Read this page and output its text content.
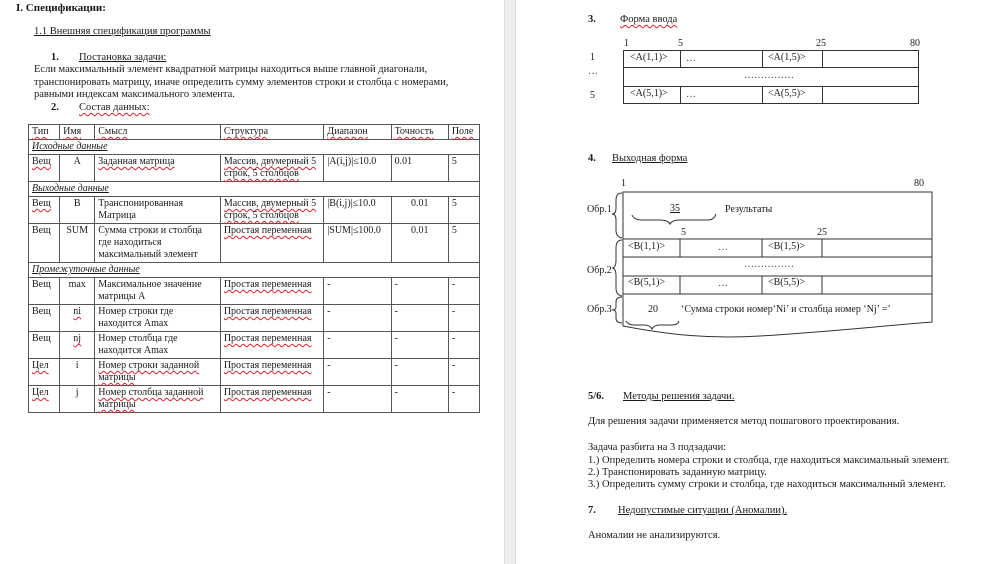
I. Спецификации:
1.1 Внешняя спецификация программы
1. Постановка задачи:
Если максимальный элемент квадратной матрицы находиться выше главной диагонали,
транспонировать матрицу, иначе определить сумму элементов строки и столбца с номерами,
равными индексам максимального элемента.
2. Состав данных:
Тип	Имя	Смысл	Структура	Диапазон	Точность	Поле
Исходные данные						
Вещ	A	Заданная матрица	Массив, двумерный 5 строк, 5 столбцов	|A(i,j)|≤10.0	0.01	5
Выходные данные						
Вещ	B	Транспонированная Матрица	Массив, двумерный 5 строк, 5 столбцов	|B(i,j)|≤10.0	0.01	5
Вещ	SUM	Сумма строки и столбца где находиться максимальный элемент	Простая переменная	|SUM|≤100.0	0.01	5
Промежуточные данные						
Вещ	max	Максимальное значение матрицы A	Простая переменная	-	-	-
Вещ	ni	Номер строки где находится Amax	Простая переменная	-	-	-
Вещ	nj	Номер столбца где находится Amax	Простая переменная	-	-	-
Цел	i	Номер строки заданной матрицы	Простая переменная	-	-	-
Цел	j	Номер столбца заданной матрицы	Простая переменная	-	-	-
3. Форма ввода
1	5	25	80
1
…
5
<A(1,1)> …	<A(1,5)>
……………
<A(5,1)> …	<A(5,5)>
4. Выходная форма
1	80
Обр.1	35	Результаты
5	25
Обр.2
<B(1,1)>	…	<B(1,5)>
……………
<B(5,1)>	…	<B(5,5)>
Обр.3	20 ‘Сумма строки номер‘Ni’ и столбца номер ‘Nj’ =’
5/6. Методы решения задачи.
Для решения задачи применяется метод пошагового проектирования.
Задача разбита на 3 подзадачи:
1.) Определить номера строки и столбца, где находиться максимальный элемент.
2.) Транспонировать заданную матрицу.
3.) Определить сумму строки и столбца, где находиться максимальный элемент.
7. Недопустимые ситуации (Аномалии).
Аномалии не анализируются.
